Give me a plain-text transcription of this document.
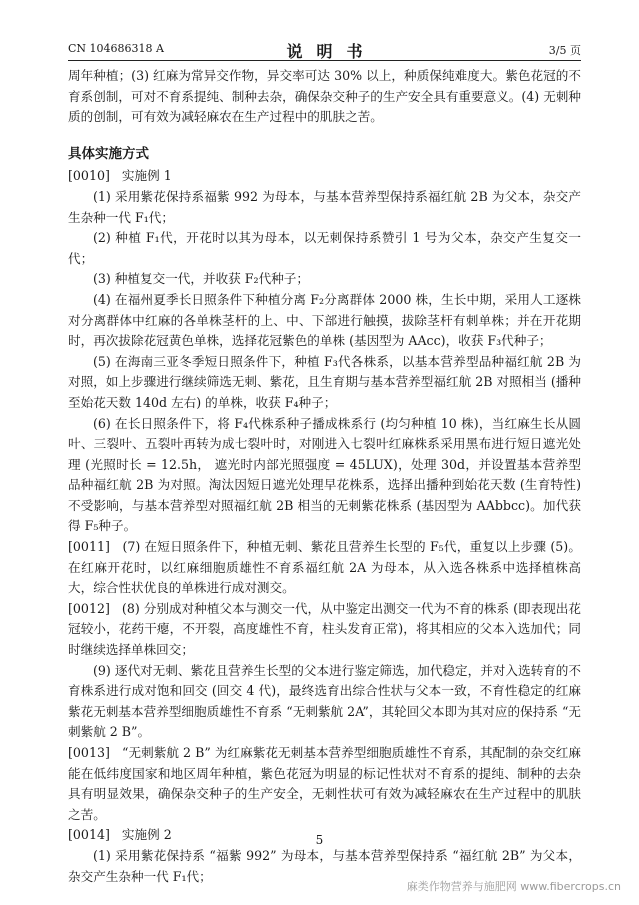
CN 104686318 A	说明书	3/5 页

周年种植；(3) 红麻为常异交作物，异交率可达 30% 以上，种质保纯难度大。紫色花冠的不育系创制，可对不育系提纯、制种去杂，确保杂交种子的生产安全具有重要意义。(4) 无刺种质的创制，可有效为减轻麻农在生产过程中的肌肤之苦。

具体实施方式

[0010] 实施例 1

(1) 采用紫花保持系福紫 992 为母本，与基本营养型保持系福红航 2B 为父本，杂交产生杂种一代 F₁代；

(2) 种植 F₁代，开花时以其为母本，以无刺保持系赞引 1 号为父本，杂交产生复交一代；

(3) 种植复交一代，并收获 F₂代种子；

(4) 在福州夏季长日照条件下种植分离 F₂分离群体 2000 株，生长中期，采用人工逐株对分离群体中红麻的各单株茎杆的上、中、下部进行触摸，拔除茎杆有刺单株；并在开花期时，再次拔除花冠黄色单株，选择花冠紫色的单株 (基因型为 AAcc)，收获 F₃代种子；

(5) 在海南三亚冬季短日照条件下，种植 F₃代各株系，以基本营养型品种福红航 2B 为对照，如上步骤进行继续筛选无刺、紫花，且生育期与基本营养型福红航 2B 对照相当 (播种至始花天数 140d 左右) 的单株，收获 F₄种子；

(6) 在长日照条件下，将 F₄代株系种子播成株系行 (均匀种植 10 株)，当红麻生长从圆叶、三裂叶、五裂叶再转为成七裂叶时，对刚进入七裂叶红麻株系采用黑布进行短日遮光处理 (光照时长 = 12.5h， 遮光时内部光照强度 = 45LUX)，处理 30d，并设置基本营养型品种福红航 2B 为对照。淘汰因短日遮光处理早花株系，选择出播种到始花天数 (生育特性) 不受影响，与基本营养型对照福红航 2B 相当的无刺紫花株系 (基因型为 AAbbcc)。加代获得 F₅种子。

[0011] (7) 在短日照条件下，种植无刺、紫花且营养生长型的 F₅代，重复以上步骤 (5)。在红麻开花时，以红麻细胞质雄性不育系福红航 2A 为母本，从入选各株系中选择植株高大，综合性状优良的单株进行成对测交。

[0012] (8) 分别成对种植父本与测交一代，从中鉴定出测交一代为不育的株系 (即表现出花冠较小，花药干瘪，不开裂，高度雄性不育，柱头发育正常)，将其相应的父本入选加代；同时继续选择单株回交；

(9) 逐代对无刺、紫花且营养生长型的父本进行鉴定筛选，加代稳定，并对入选转育的不育株系进行成对饱和回交 (回交 4 代)，最终选育出综合性状与父本一致，不育性稳定的红麻紫花无刺基本营养型细胞质雄性不育系 “无刺紫航 2A”，其轮回父本即为其对应的保持系 “无刺紫航 2 B”。

[0013] “无刺紫航 2 B” 为红麻紫花无刺基本营养型细胞质雄性不育系，其配制的杂交红麻能在低纬度国家和地区周年种植，紫色花冠为明显的标记性状对不育系的提纯、制种的去杂具有明显效果，确保杂交种子的生产安全，无刺性状可有效为减轻麻农在生产过程中的肌肤之苦。

[0014] 实施例 2

(1) 采用紫花保持系 “福紫 992” 为母本，与基本营养型保持系 “福红航 2B” 为父本，杂交产生杂种一代 F₁代；

5
麻类作物营养与施肥网 www.fibercrops.cn
